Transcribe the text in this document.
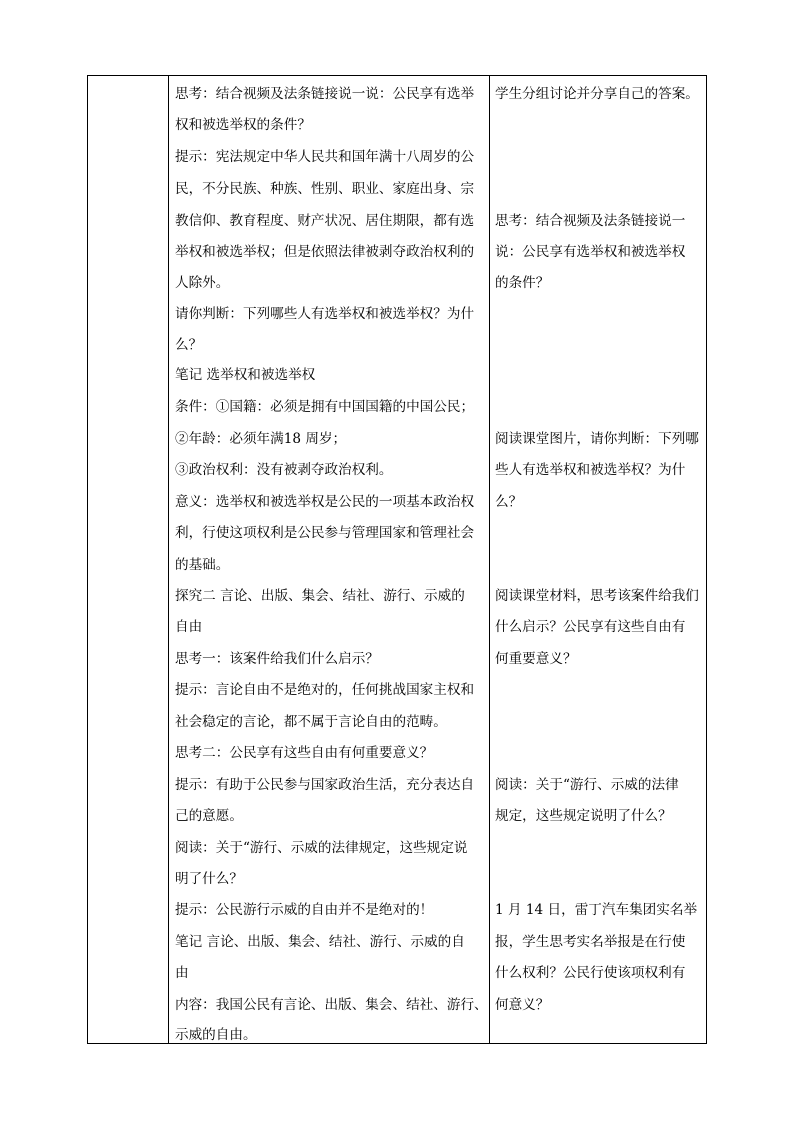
思考：结合视频及法条链接说一说：公民享有选举
权和被选举权的条件？
提示：宪法规定中华人民共和国年满十八周岁的公
民，不分民族、种族、性别、职业、家庭出身、宗
教信仰、教育程度、财产状况、居住期限，都有选
举权和被选举权；但是依照法律被剥夺政治权利的
人除外。
请你判断：下列哪些人有选举权和被选举权？为什
么？
笔记 选举权和被选举权
条件：①国籍：必须是拥有中国国籍的中国公民；
②年龄：必须年满18 周岁；
③政治权利：没有被剥夺政治权利。
意义：选举权和被选举权是公民的一项基本政治权
利，行使这项权利是公民参与管理国家和管理社会
的基础。
探究二 言论、出版、集会、结社、游行、示威的
自由
思考一：该案件给我们什么启示？
提示：言论自由不是绝对的，任何挑战国家主权和
社会稳定的言论，都不属于言论自由的范畴。
思考二：公民享有这些自由有何重要意义？
提示：有助于公民参与国家政治生活，充分表达自
己的意愿。
阅读：关于“游行、示威的法律规定，这些规定说
明了什么？
提示：公民游行示威的自由并不是绝对的！
笔记 言论、出版、集会、结社、游行、示威的自
由
内容：我国公民有言论、出版、集会、结社、游行、
示威的自由。
学生分组讨论并分享自己的答案。
思考：结合视频及法条链接说一
说：公民享有选举权和被选举权
的条件？
阅读课堂图片，请你判断：下列哪
些人有选举权和被选举权？为什
么？
阅读课堂材料，思考该案件给我们
什么启示？公民享有这些自由有
何重要意义？
阅读：关于“游行、示威的法律
规定，这些规定说明了什么？
1 月 14 日，雷丁汽车集团实名举
报，学生思考实名举报是在行使
什么权利？公民行使该项权利有
何意义？
